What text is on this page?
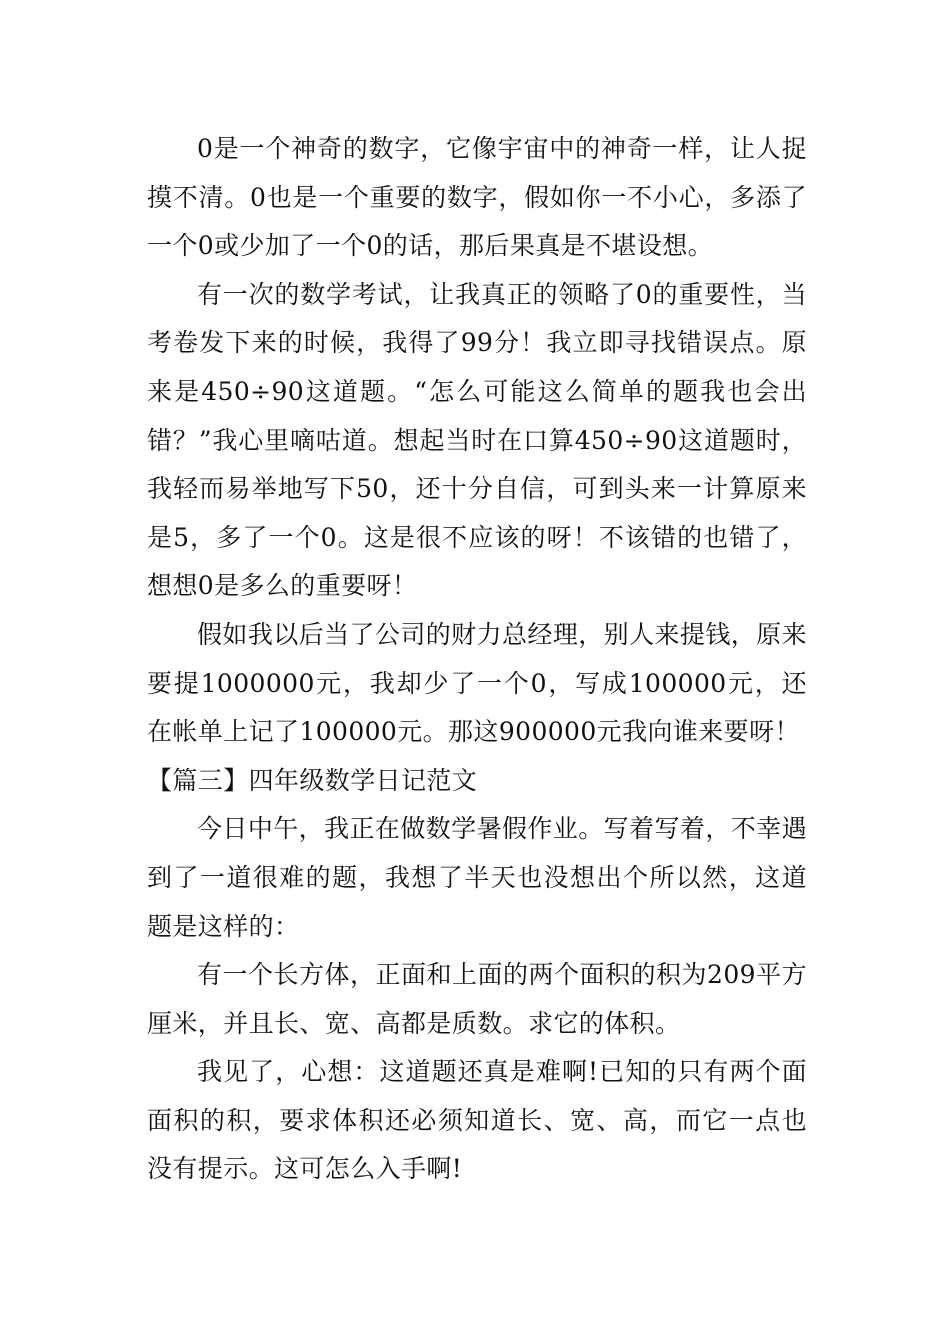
0是一个神奇的数字，它像宇宙中的神奇一样，让人捉摸不清。0也是一个重要的数字，假如你一不小心，多添了一个0或少加了一个0的话，那后果真是不堪设想。

有一次的数学考试，让我真正的领略了0的重要性，当考卷发下来的时候，我得了99分！我立即寻找错误点。原来是450÷90这道题。“怎么可能这么简单的题我也会出错？”我心里嘀咕道。想起当时在口算450÷90这道题时，我轻而易举地写下50，还十分自信，可到头来一计算原来是5，多了一个0。这是很不应该的呀！不该错的也错了，想想0是多么的重要呀！

假如我以后当了公司的财力总经理，别人来提钱，原来要提1000000元，我却少了一个0，写成100000元，还在帐单上记了100000元。那这900000元我向谁来要呀！

【篇三】四年级数学日记范文

今日中午，我正在做数学暑假作业。写着写着，不幸遇到了一道很难的题，我想了半天也没想出个所以然，这道题是这样的：

有一个长方体，正面和上面的两个面积的积为209平方厘米，并且长、宽、高都是质数。求它的体积。

我见了，心想：这道题还真是难啊!已知的只有两个面面积的积，要求体积还必须知道长、宽、高，而它一点也没有提示。这可怎么入手啊!
